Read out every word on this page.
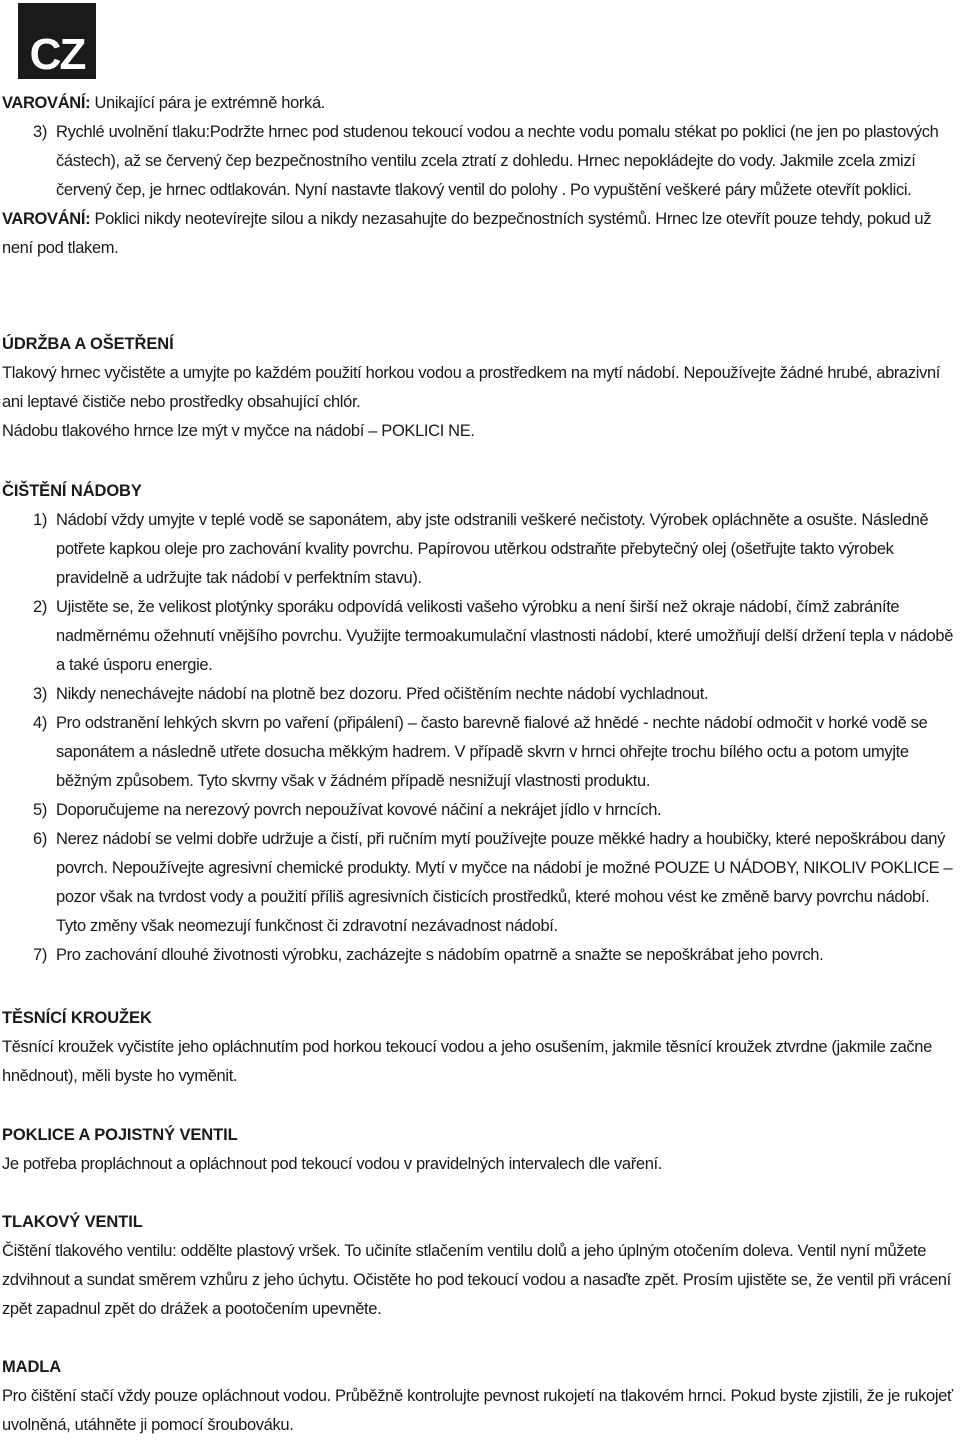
CZ

VAROVÁNÍ: Unikající pára je extrémně horká.

3) Rychlé uvolnění tlaku:Podržte hrnec pod studenou tekoucí vodou a nechte vodu pomalu stékat po poklici (ne jen po plastových částech), až se červený čep bezpečnostního ventilu zcela ztratí z dohledu. Hrnec nepokládejte do vody. Jakmile zcela zmizí červený čep, je hrnec odtlakován. Nyní nastavte tlakový ventil do polohy . Po vypuštění veškeré páry můžete otevřít poklici.

VAROVÁNÍ: Poklici nikdy neotevírejte silou a nikdy nezasahujte do bezpečnostních systémů. Hrnec lze otevřít pouze tehdy, pokud už není pod tlakem.

ÚDRŽBA A OŠETŘENÍ

Tlakový hrnec vyčistěte a umyjte po každém použití horkou vodou a prostředkem na mytí nádobí. Nepoužívejte žádné hrubé, abrazivní ani leptavé čističe nebo prostředky obsahující chlór.

Nádobu tlakového hrnce lze mýt v myčce na nádobí – POKLICI NE.

ČIŠTĚNÍ NÁDOBY
1) Nádobí vždy umyjte v teplé vodě se saponátem, aby jste odstranili veškeré nečistoty. Výrobek opláchněte a osušte. Následně potřete kapkou oleje pro zachování kvality povrchu. Papírovou utěrkou odstraňte přebytečný olej (ošetřujte takto výrobek pravidelně a udržujte tak nádobí v perfektním stavu).
2) Ujistěte se, že velikost plotýnky sporáku odpovídá velikosti vašeho výrobku a není širší než okraje nádobí, čímž zabráníte nadměrnému ožehnutí vnějšího povrchu. Využijte termoakumulační vlastnosti nádobí, které umožňují delší držení tepla v nádobě a také úsporu energie.
3) Nikdy nenechávejte nádobí na plotně bez dozoru. Před očištěním nechte nádobí vychladnout.
4) Pro odstranění lehkých skvrn po vaření (připálení) – často barevně fialové až hnědé - nechte nádobí odmočit v horké vodě se saponátem a následně utřete dosucha měkkým hadrem. V případě skvrn v hrnci ohřejte trochu bílého octu a potom umyjte běžným způsobem. Tyto skvrny však v žádném případě nesnižují vlastnosti produktu.
5) Doporučujeme na nerezový povrch nepoužívat kovové náčiní a nekrájet jídlo v hrncích.
6) Nerez nádobí se velmi dobře udržuje a čistí, při ručním mytí používejte pouze měkké hadry a houbičky, které nepoškrábou daný povrch. Nepoužívejte agresivní chemické produkty. Mytí v myčce na nádobí je možné POUZE U NÁDOBY, NIKOLIV POKLICE – pozor však na tvrdost vody a použití příliš agresivních čisticích prostředků, které mohou vést ke změně barvy povrchu nádobí. Tyto změny však neomezují funkčnost či zdravotní nezávadnost nádobí.
7) Pro zachování dlouhé životnosti výrobku, zacházejte s nádobím opatrně a snažte se nepoškrábat jeho povrch.
TĚSNÍCÍ KROUŽEK

Těsnící kroužek vyčistíte jeho opláchnutím pod horkou tekoucí vodou a jeho osušením, jakmile těsnící kroužek ztvrdne (jakmile začne hnědnout), měli byste ho vyměnit.

POKLICE A POJISTNÝ VENTIL

Je potřeba propláchnout a opláchnout pod tekoucí vodou v pravidelných intervalech dle vaření.

TLAKOVÝ VENTIL

Čištění tlakového ventilu: oddělte plastový vršek. To učiníte stlačením ventilu dolů a jeho úplným otočením doleva. Ventil nyní můžete zdvihnout a sundat směrem vzhůru z jeho úchytu. Očistěte ho pod tekoucí vodou a nasaďte zpět. Prosím ujistěte se, že ventil při vrácení zpět zapadnul zpět do drážek a pootočením upevněte.

MADLA

Pro čištění stačí vždy pouze opláchnout vodou. Průběžně kontrolujte pevnost rukojetí na tlakovém hrnci. Pokud byste zjistili, že je rukojeť uvolněná, utáhněte ji pomocí šroubováku.
